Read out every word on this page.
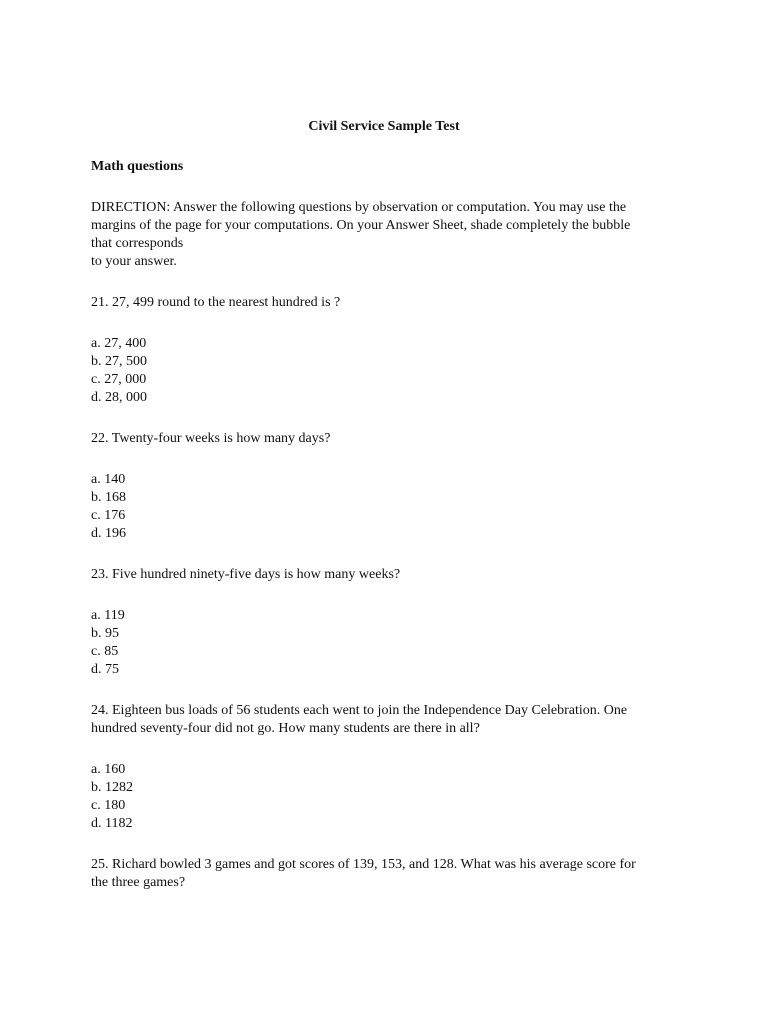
Civil Service Sample Test

Math questions

DIRECTION: Answer the following questions by observation or computation. You may use the
margins of the page for your computations. On your Answer Sheet, shade completely the bubble
that corresponds
to your answer.

21. 27, 499 round to the nearest hundred is ?

a. 27, 400
b. 27, 500
c. 27, 000
d. 28, 000

22. Twenty-four weeks is how many days?

a. 140
b. 168
c. 176
d. 196

23. Five hundred ninety-five days is how many weeks?

a. 119
b. 95
c. 85
d. 75

24. Eighteen bus loads of 56 students each went to join the Independence Day Celebration. One
hundred seventy-four did not go. How many students are there in all?

a. 160
b. 1282
c. 180
d. 1182

25. Richard bowled 3 games and got scores of 139, 153, and 128. What was his average score for
the three games?
